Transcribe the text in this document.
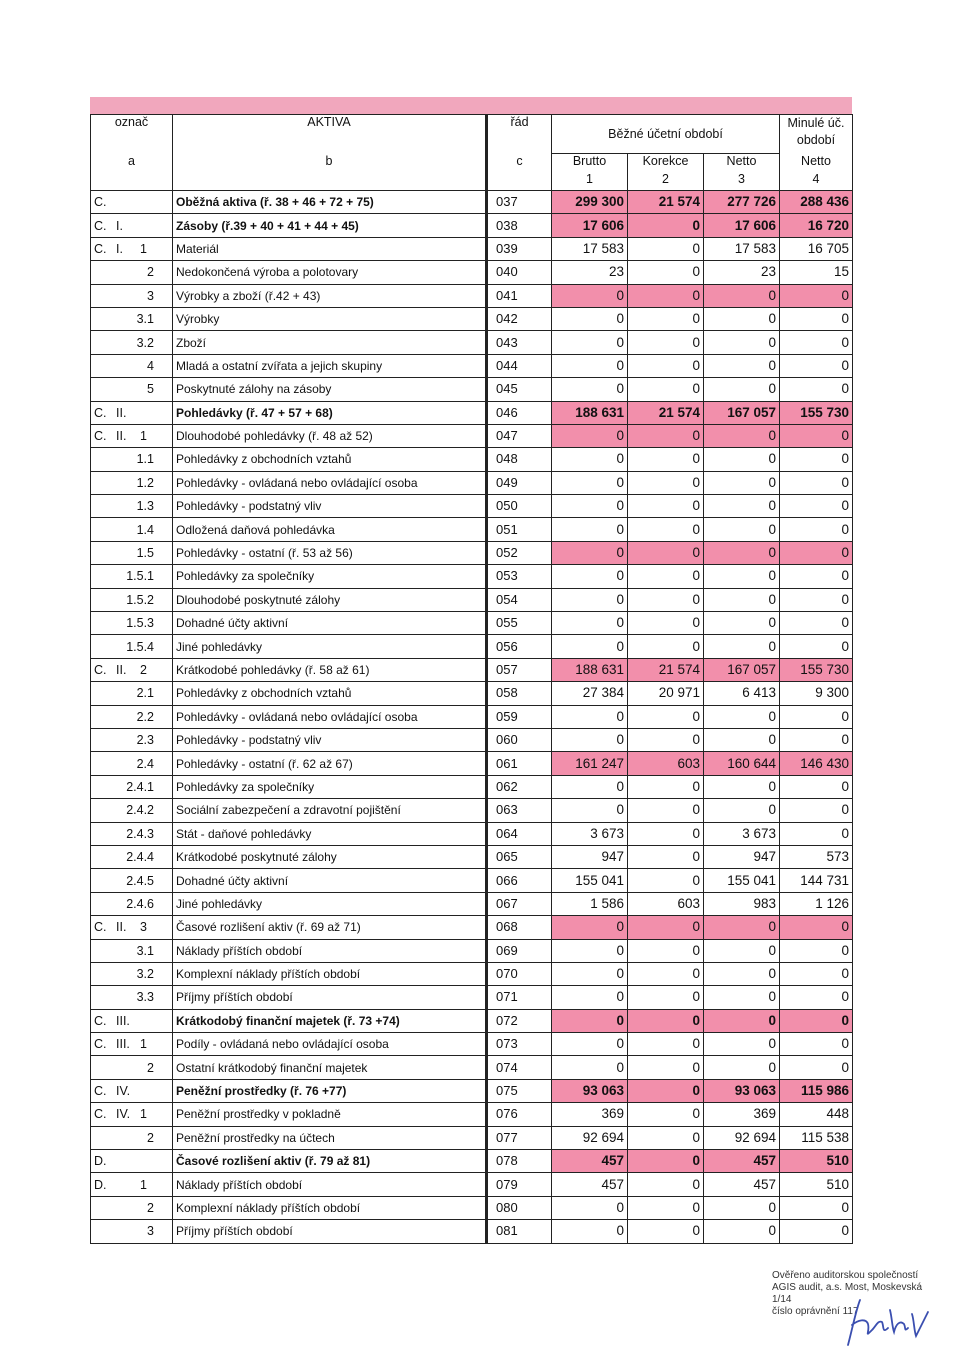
označ	AKTIVA	řád	Běžné účetní období			Minulé úč. období
a	b	c	Brutto	Korekce	Netto	Netto
			1	2	3	4
C.	Oběžná aktiva (ř. 38 + 46 + 72 + 75)	037	299 300	21 574	277 726	288 436
C. I.	Zásoby (ř.39 + 40 + 41 + 44 + 45)	038	17 606	0	17 606	16 720
C. I. 1	Materiál	039	17 583	0	17 583	16 705
2	Nedokončená výroba a polotovary	040	23	0	23	15
3	Výrobky a zboží (ř.42 + 43)	041	0	0	0	0
3.1	Výrobky	042	0	0	0	0
3.2	Zboží	043	0	0	0	0
4	Mladá a ostatní zvířata a jejich skupiny	044	0	0	0	0
5	Poskytnuté zálohy na zásoby	045	0	0	0	0
C. II.	Pohledávky (ř. 47 + 57 + 68)	046	188 631	21 574	167 057	155 730
C. II. 1	Dlouhodobé pohledávky (ř. 48 až 52)	047	0	0	0	0
1.1	Pohledávky z obchodních vztahů	048	0	0	0	0
1.2	Pohledávky - ovládaná nebo ovládající osoba	049	0	0	0	0
1.3	Pohledávky - podstatný vliv	050	0	0	0	0
1.4	Odložená daňová pohledávka	051	0	0	0	0
1.5	Pohledávky - ostatní (ř. 53 až 56)	052	0	0	0	0
1.5.1	Pohledávky za společníky	053	0	0	0	0
1.5.2	Dlouhodobé poskytnuté zálohy	054	0	0	0	0
1.5.3	Dohadné účty aktivní	055	0	0	0	0
1.5.4	Jiné pohledávky	056	0	0	0	0
C. II. 2	Krátkodobé pohledávky (ř. 58 až 61)	057	188 631	21 574	167 057	155 730
2.1	Pohledávky z obchodních vztahů	058	27 384	20 971	6 413	9 300
2.2	Pohledávky - ovládaná nebo ovládající osoba	059	0	0	0	0
2.3	Pohledávky - podstatný vliv	060	0	0	0	0
2.4	Pohledávky - ostatní (ř. 62 až 67)	061	161 247	603	160 644	146 430
2.4.1	Pohledávky za společníky	062	0	0	0	0
2.4.2	Sociální zabezpečení a zdravotní pojištění	063	0	0	0	0
2.4.3	Stát - daňové pohledávky	064	3 673	0	3 673	0
2.4.4	Krátkodobé poskytnuté zálohy	065	947	0	947	573
2.4.5	Dohadné účty aktivní	066	155 041	0	155 041	144 731
2.4.6	Jiné pohledávky	067	1 586	603	983	1 126
C. II. 3	Časové rozlišení aktiv (ř. 69 až 71)	068	0	0	0	0
3.1	Náklady příštích období	069	0	0	0	0
3.2	Komplexní náklady příštích období	070	0	0	0	0
3.3	Příjmy příštích období	071	0	0	0	0
C. III.	Krátkodobý finanční majetek (ř. 73 +74)	072	0	0	0	0
C. III. 1	Podíly - ovládaná nebo ovládající osoba	073	0	0	0	0
2	Ostatní krátkodobý finanční majetek	074	0	0	0	0
C. IV.	Peněžní prostředky (ř. 76 +77)	075	93 063	0	93 063	115 986
C. IV. 1	Peněžní prostředky v pokladně	076	369	0	369	448
2	Peněžní prostředky na účtech	077	92 694	0	92 694	115 538
D.	Časové rozlišení aktiv (ř. 79 až 81)	078	457	0	457	510
D. 1	Náklady příštích období	079	457	0	457	510
2	Komplexní náklady příštích období	080	0	0	0	0
3	Příjmy příštích období	081	0	0	0	0
Ověřeno auditorskou společností
AGIS audit, a.s. Most, Moskevská 1/14
číslo oprávnění 117
